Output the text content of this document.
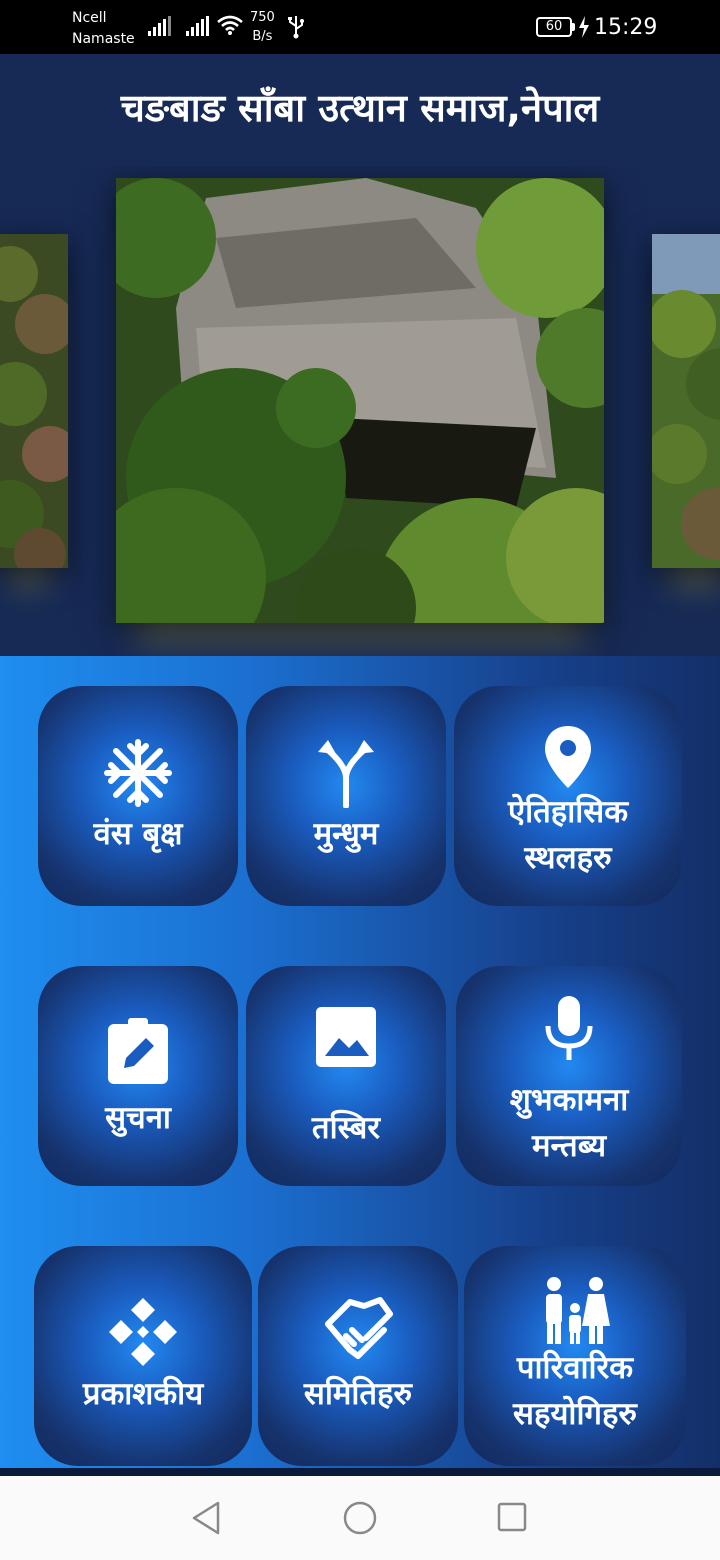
Ncell
Namaste
750
B/s
60	15:29
चङबाङ साँबा उत्थान समाज,नेपाल
वंस बृक्ष	मुन्धुम
ऐतिहासिक
स्थलहरु
सुचना	तस्बिर
शुभकामना
मन्तब्य
प्रकाशकीय	समितिहरु
पारिवारिक
सहयोगिहरु
